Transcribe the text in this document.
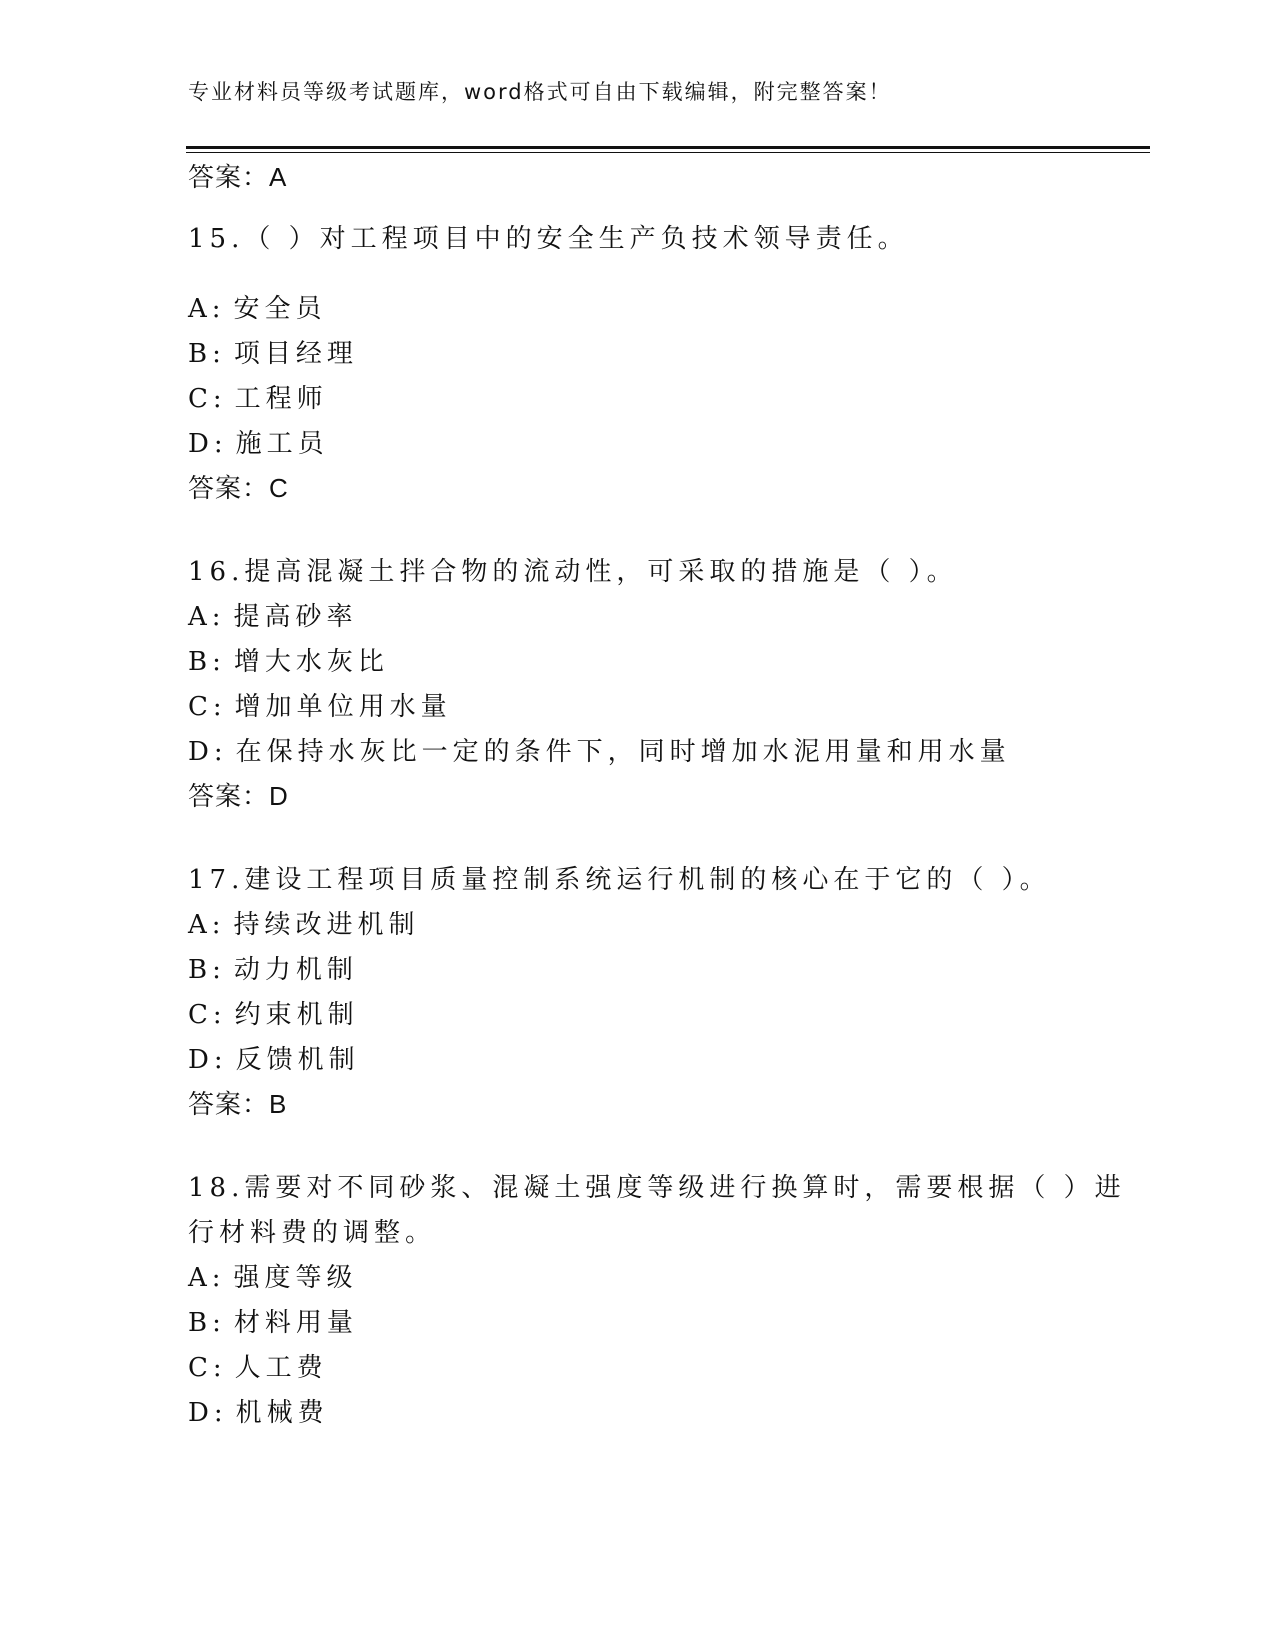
专业材料员等级考试题库，word格式可自由下载编辑，附完整答案！
答案：A
15.（ ）对工程项目中的安全生产负技术领导责任。
A: 安全员
B: 项目经理
C: 工程师
D: 施工员
答案：C
16.提高混凝土拌合物的流动性，可采取的措施是（ ）。
A: 提高砂率
B: 增大水灰比
C: 增加单位用水量
D: 在保持水灰比一定的条件下，同时增加水泥用量和用水量
答案：D
17.建设工程项目质量控制系统运行机制的核心在于它的（ ）。
A: 持续改进机制
B: 动力机制
C: 约束机制
D: 反馈机制
答案：B
18.需要对不同砂浆、混凝土强度等级进行换算时，需要根据（ ）进
行材料费的调整。
A: 强度等级
B: 材料用量
C: 人工费
D: 机械费
